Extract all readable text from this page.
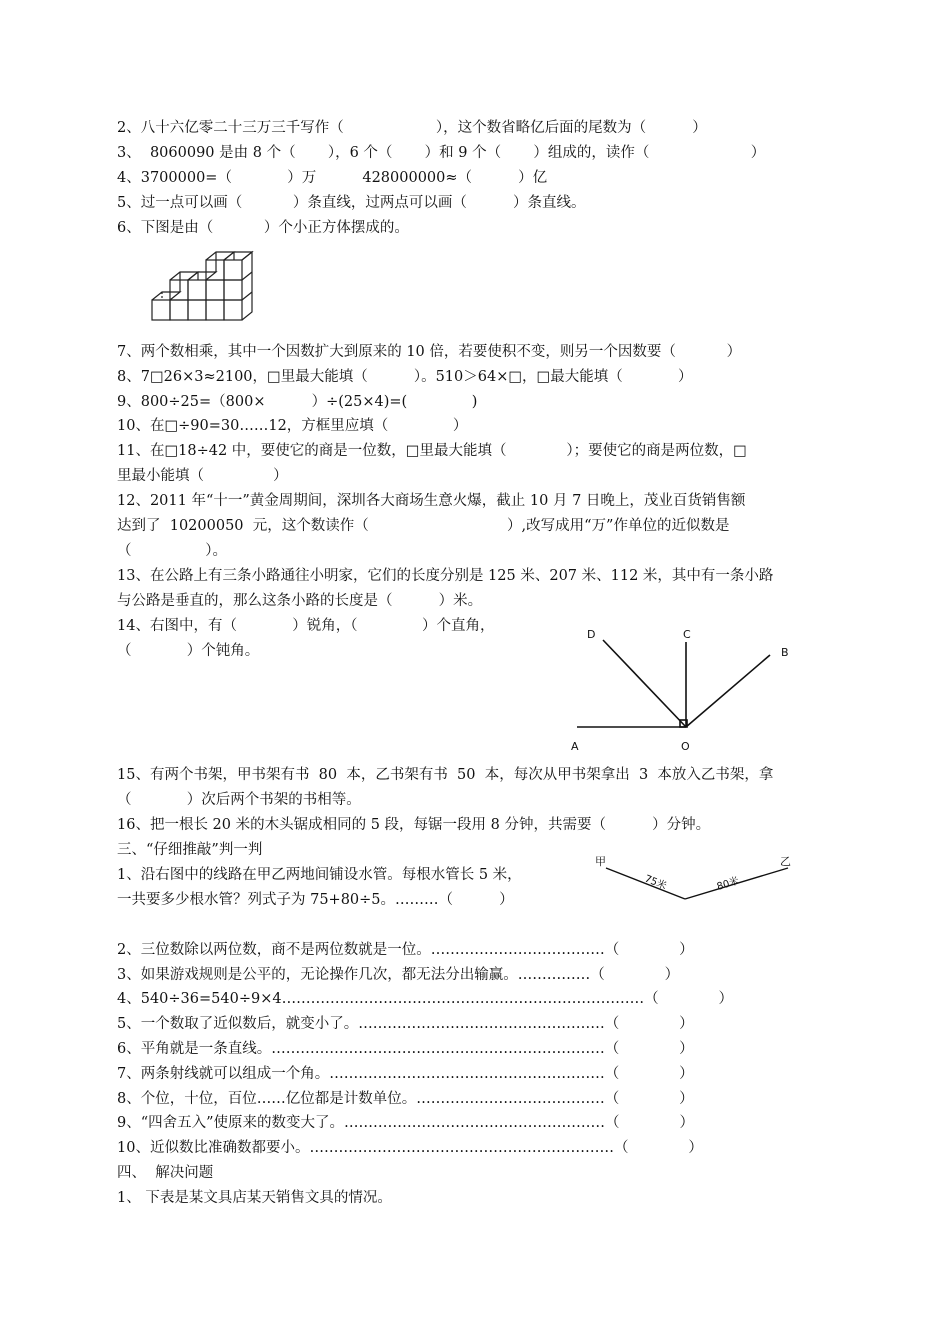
2、八十六亿零二十三万三千写作（                    ），这个数省略亿后面的尾数为（          ）
3、  8060090 是由 8 个（       ），6 个（       ）和 9 个（       ）组成的，读作（                      ）
4、3700000=（            ）万          428000000≈（          ）亿
5、过一点可以画（           ）条直线，过两点可以画（          ）条直线。
6、下图是由（           ）个小正方体摆成的。
7、两个数相乘，其中一个因数扩大到原来的 10 倍，若要使积不变，则另一个因数要（           ）
8、7□26×3≈2100，□里最大能填（          ）。510＞64×□，□最大能填（            ）
9、800÷25=（800×          ）÷(25×4)=(              )
10、在□÷90=30……12，方框里应填（              ）
11、在□18÷42 中，要使它的商是一位数，□里最大能填（             ）；要使它的商是两位数，□
里最小能填（               ）
12、2011 年“十一”黄金周期间，深圳各大商场生意火爆，截止 10 月 7 日晚上，茂业百货销售额
达到了  10200050  元，这个数读作（                              ）,改写成用“万”作单位的近似数是
（                ）。
13、在公路上有三条小路通往小明家，它们的长度分别是 125 米、207 米、112 米，其中有一条小路
与公路是垂直的，那么这条小路的长度是（          ）米。
14、右图中，有（            ）锐角，（              ）个直角，
（            ）个钝角。
C
D
B
A	O
15、有两个书架，甲书架有书  80  本，乙书架有书  50  本，每次从甲书架拿出  3  本放入乙书架，拿
（            ）次后两个书架的书相等。
16、把一根长 20 米的木头锯成相同的 5 段，每锯一段用 8 分钟，共需要（          ）分钟。
三、“仔细推敲”判一判
1、沿右图中的线路在甲乙两地间铺设水管。每根水管长 5 米，
一共要多少根水管？列式子为 75+80÷5。………（          ）
甲	乙
75米	80米
2、三位数除以两位数，商不是两位数就是一位。………………………………（             ）
3、如果游戏规则是公平的，无论操作几次，都无法分出输赢。……………（             ）
4、540÷36=540÷9×4…………………………………………………………………（             ）
5、一个数取了近似数后，就变小了。……………………………………………（             ）
6、平角就是一条直线。……………………………………………………………（             ）
7、两条射线就可以组成一个角。…………………………………………………（             ）
8、个位，十位，百位……亿位都是计数单位。…………………………………（             ）
9、“四舍五入”使原来的数变大了。………………………………………………（             ）
10、近似数比准确数都要小。………………………………………………………（             ）
四、  解决问题
1、 下表是某文具店某天销售文具的情况。
